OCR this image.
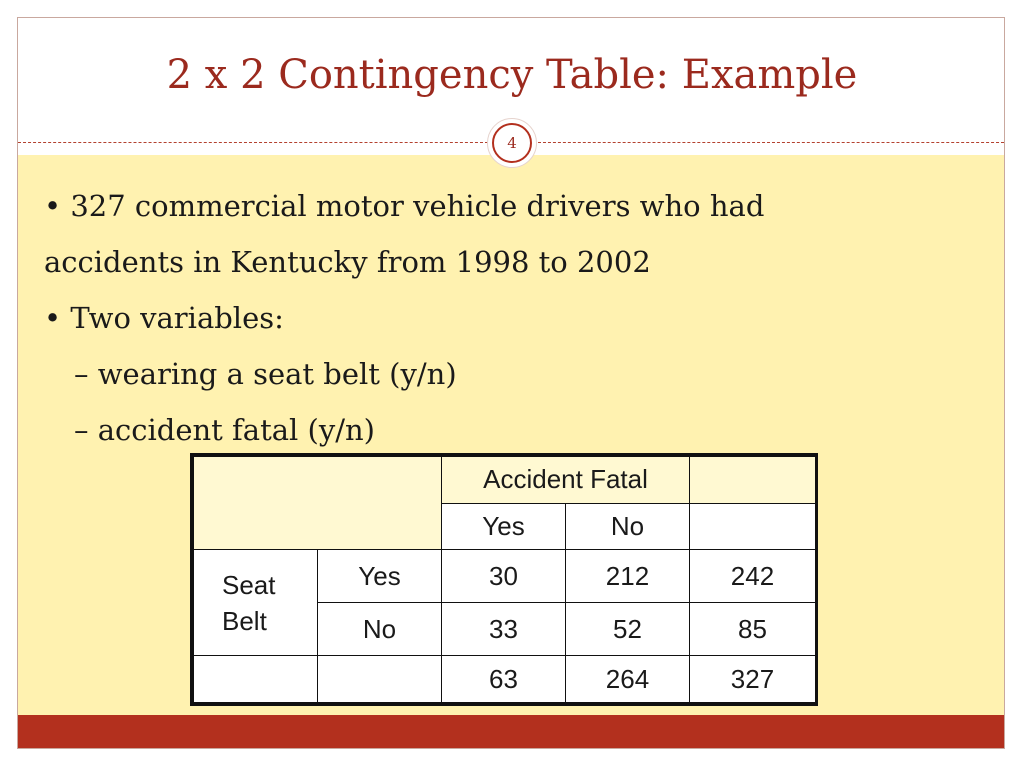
2 x 2 Contingency Table: Example
4
• 327 commercial motor vehicle drivers who had
accidents in Kentucky from 1998 to 2002
• Two variables:
– wearing a seat belt (y/n)
– accident fatal (y/n)
		Accident Fatal		
		Yes	No	

Seat
Belt	Yes	30	212	242
	No	33	52	85
		63	264	327
